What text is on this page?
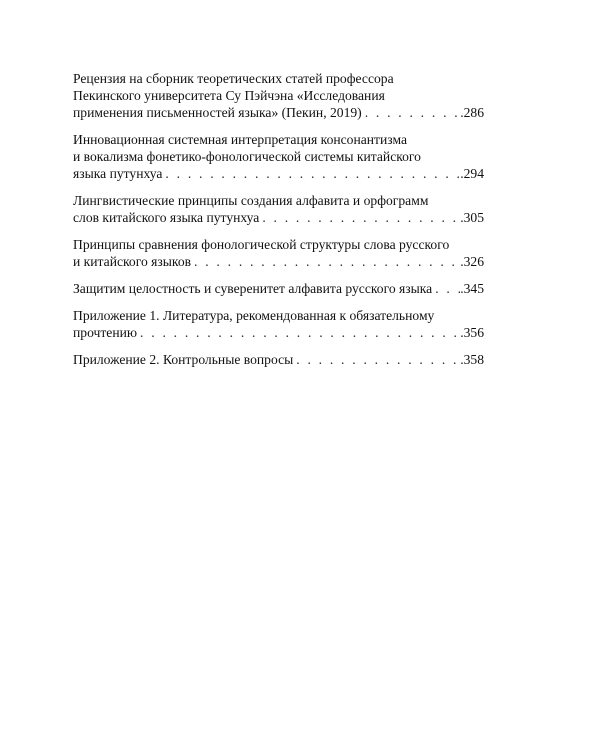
Рецензия на сборник теоретических статей профессора
Пекинского университета Су Пэйчэна «Исследования
применения письменностей языка» (Пекин, 2019) . . .	.286
Инновационная системная интерпретация консонантизма
и вокализма фонетико-фонологической системы китайского
языка путунхуа . . .	.294
Лингвистические принципы создания алфавита и орфограмм
слов китайского языка путунхуа . . .	.305
Принципы сравнения фонологической структуры слова русского
и китайского языков . . .	.326
Защитим целостность и суверенитет алфавита русского языка . . . .345
Приложение 1. Литература, рекомендованная к обязательному
прочтению . . .	.356
Приложение 2. Контрольные вопросы . . .	.358
